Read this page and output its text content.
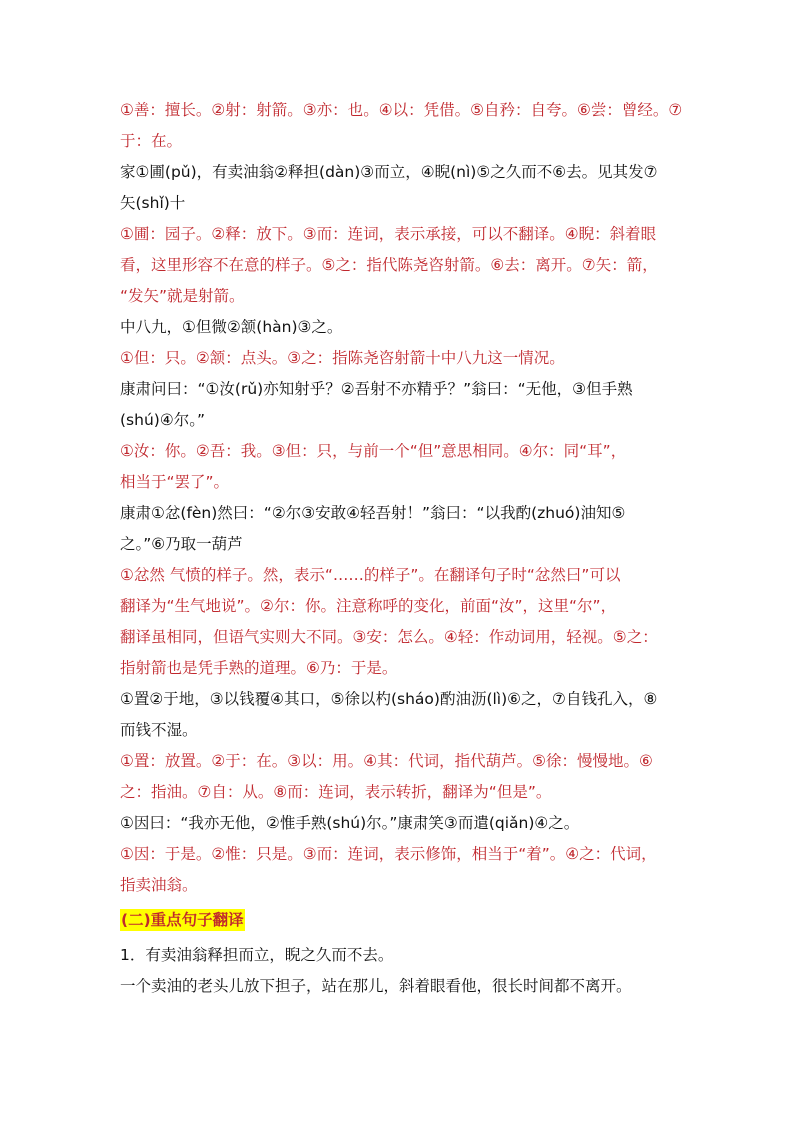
①善：擅长。②射：射箭。③亦：也。④以：凭借。⑤自矜：自夸。⑥尝：曾经。⑦
于：在。

家①圃(pǔ)，有卖油翁②释担(dàn)③而立，④睨(nì)⑤之久而不⑥去。见其发⑦
矢(shǐ)十

①圃：园子。②释：放下。③而：连词，表示承接，可以不翻译。④睨：斜着眼
看，这里形容不在意的样子。⑤之：指代陈尧咨射箭。⑥去：离开。⑦矢：箭，
“发矢”就是射箭。

中八九，①但微②颔(hàn)③之。

①但：只。②颔：点头。③之：指陈尧咨射箭十中八九这一情况。

康肃问曰：“①汝(rǔ)亦知射乎？②吾射不亦精乎？”翁曰：“无他，③但手熟
(shú)④尔。”

①汝：你。②吾：我。③但：只，与前一个“但”意思相同。④尔：同“耳”，
相当于“罢了”。

康肃①忿(fèn)然曰：“②尔③安敢④轻吾射！”翁曰：“以我酌(zhuó)油知⑤
之。”⑥乃取一葫芦

①忿然 气愤的样子。然，表示“……的样子”。在翻译句子时“忿然曰”可以
翻译为“生气地说”。②尔：你。注意称呼的变化，前面“汝”，这里“尔”，
翻译虽相同，但语气实则大不同。③安：怎么。④轻：作动词用，轻视。⑤之：
指射箭也是凭手熟的道理。⑥乃：于是。

①置②于地，③以钱覆④其口，⑤徐以杓(sháo)酌油沥(lì)⑥之，⑦自钱孔入，⑧
而钱不湿。

①置：放置。②于：在。③以：用。④其：代词，指代葫芦。⑤徐：慢慢地。⑥
之：指油。⑦自：从。⑧而：连词，表示转折，翻译为“但是”。

①因曰：“我亦无他，②惟手熟(shú)尔。”康肃笑③而遣(qiǎn)④之。

①因：于是。②惟：只是。③而：连词，表示修饰，相当于“着”。④之：代词，
指卖油翁。

(二)重点句子翻译

1．有卖油翁释担而立，睨之久而不去。
一个卖油的老头儿放下担子，站在那儿，斜着眼看他，很长时间都不离开。
